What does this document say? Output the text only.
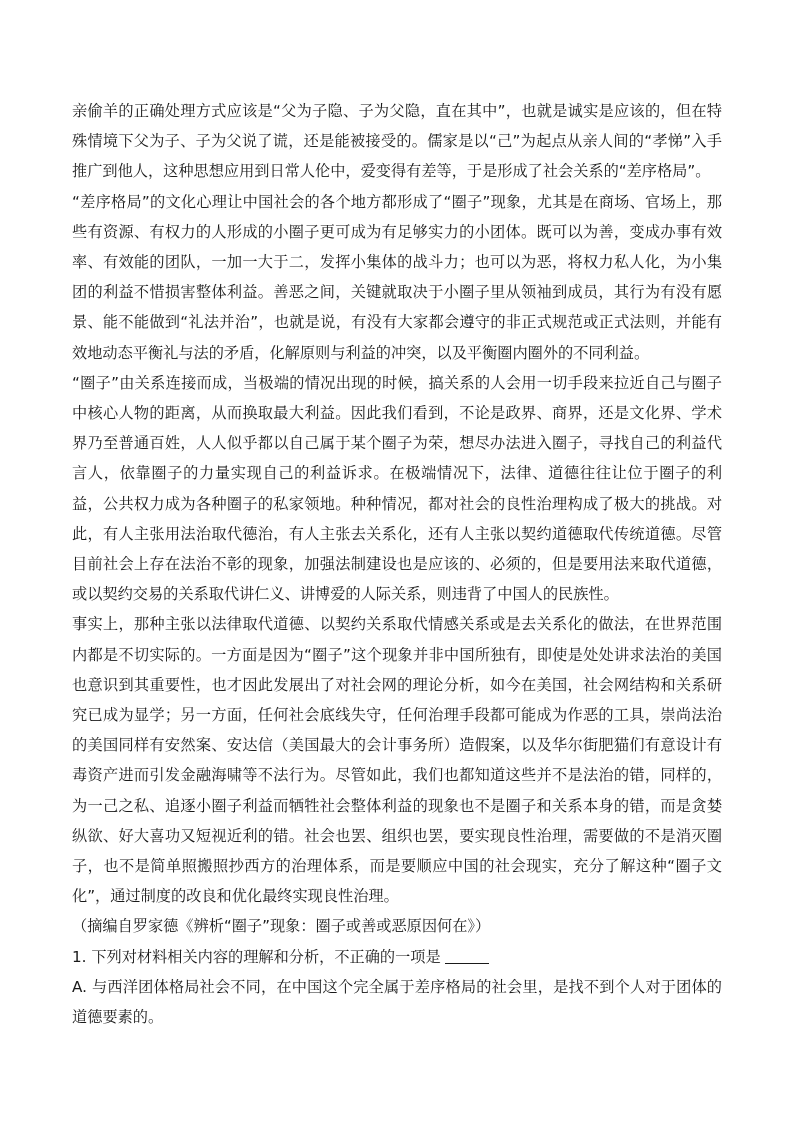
亲偷羊的正确处理方式应该是“父为子隐、子为父隐，直在其中”，也就是诚实是应该的，但在特殊情境下父为子、子为父说了谎，还是能被接受的。儒家是以“己”为起点从亲人间的“孝悌”入手推广到他人，这种思想应用到日常人伦中，爱变得有差等，于是形成了社会关系的“差序格局”。

“差序格局”的文化心理让中国社会的各个地方都形成了“圈子”现象，尤其是在商场、官场上，那些有资源、有权力的人形成的小圈子更可成为有足够实力的小团体。既可以为善，变成办事有效率、有效能的团队，一加一大于二，发挥小集体的战斗力；也可以为恶，将权力私人化，为小集团的利益不惜损害整体利益。善恶之间，关键就取决于小圈子里从领袖到成员，其行为有没有愿景、能不能做到“礼法并治”，也就是说，有没有大家都会遵守的非正式规范或正式法则，并能有效地动态平衡礼与法的矛盾，化解原则与利益的冲突，以及平衡圈内圈外的不同利益。

“圈子”由关系连接而成，当极端的情况出现的时候，搞关系的人会用一切手段来拉近自己与圈子中核心人物的距离，从而换取最大利益。因此我们看到，不论是政界、商界，还是文化界、学术界乃至普通百姓，人人似乎都以自己属于某个圈子为荣，想尽办法进入圈子，寻找自己的利益代言人，依靠圈子的力量实现自己的利益诉求。在极端情况下，法律、道德往往让位于圈子的利益，公共权力成为各种圈子的私家领地。种种情况，都对社会的良性治理构成了极大的挑战。对此，有人主张用法治取代德治，有人主张去关系化，还有人主张以契约道德取代传统道德。尽管目前社会上存在法治不彰的现象，加强法制建设也是应该的、必须的，但是要用法来取代道德，或以契约交易的关系取代讲仁义、讲博爱的人际关系，则违背了中国人的民族性。

事实上，那种主张以法律取代道德、以契约关系取代情感关系或是去关系化的做法，在世界范围内都是不切实际的。一方面是因为“圈子”这个现象并非中国所独有，即使是处处讲求法治的美国也意识到其重要性，也才因此发展出了对社会网的理论分析，如今在美国，社会网结构和关系研究已成为显学；另一方面，任何社会底线失守，任何治理手段都可能成为作恶的工具，崇尚法治的美国同样有安然案、安达信（美国最大的会计事务所）造假案，以及华尔街肥猫们有意设计有毒资产进而引发金融海啸等不法行为。尽管如此，我们也都知道这些并不是法治的错，同样的，为一己之私、追逐小圈子利益而牺牲社会整体利益的现象也不是圈子和关系本身的错，而是贪婪纵欲、好大喜功又短视近利的错。社会也罢、组织也罢，要实现良性治理，需要做的不是消灭圈子，也不是简单照搬照抄西方的治理体系，而是要顺应中国的社会现实，充分了解这种“圈子文化”，通过制度的改良和优化最终实现良性治理。

（摘编自罗家德《辨析“圈子”现象：圈子或善或恶原因何在》）

1. 下列对材料相关内容的理解和分析，不正确的一项是

A. 与西洋团体格局社会不同，在中国这个完全属于差序格局的社会里，是找不到个人对于团体的道德要素的。
